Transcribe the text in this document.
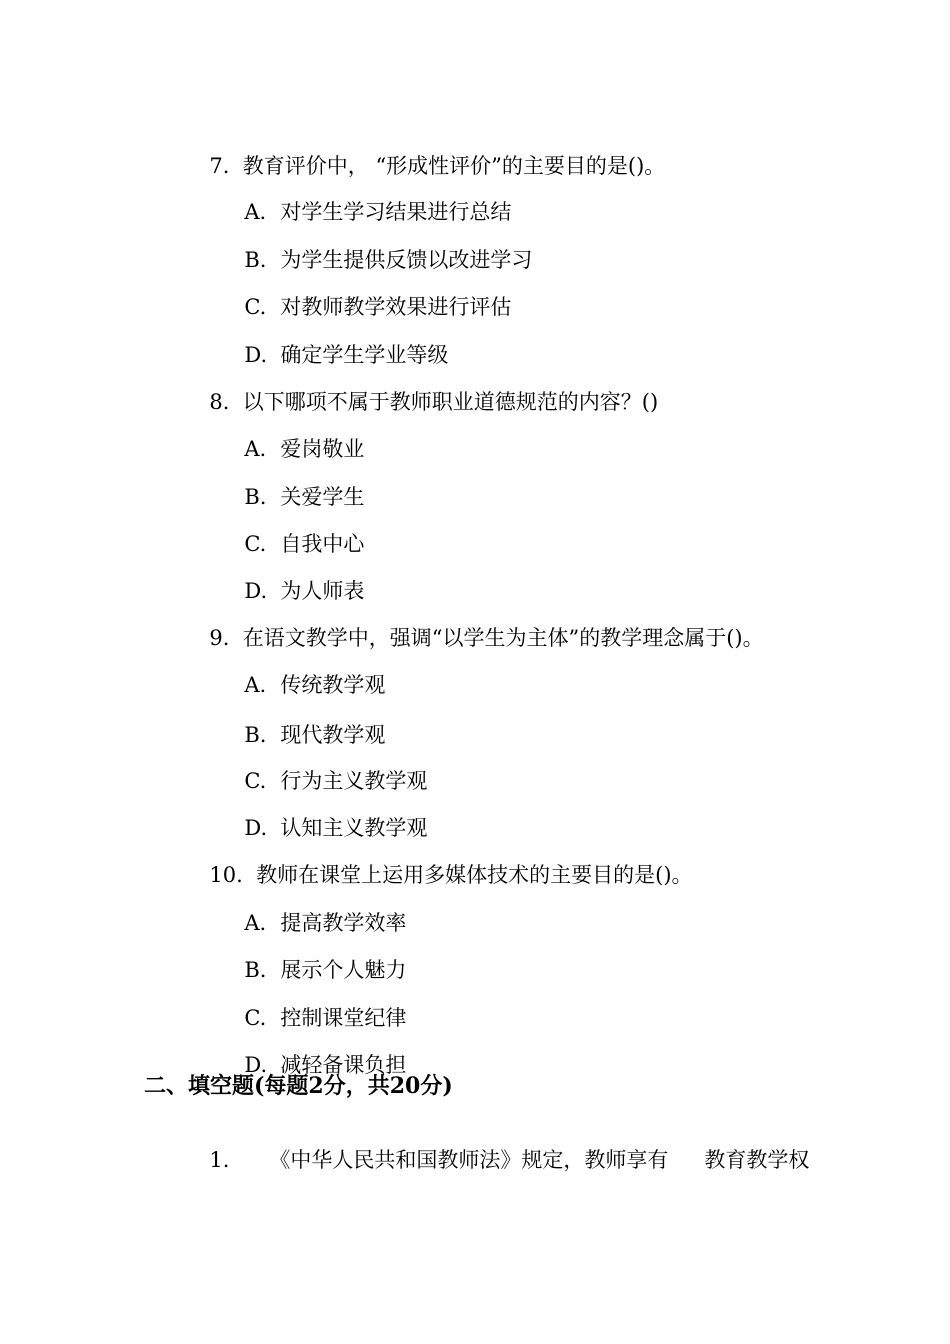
7. 教育评价中， “形成性评价”的主要目的是()。

A. 对学生学习结果进行总结

B. 为学生提供反馈以改进学习

C. 对教师教学效果进行评估

D. 确定学生学业等级

8. 以下哪项不属于教师职业道德规范的内容？()

A. 爱岗敬业

B. 关爱学生

C. 自我中心

D. 为人师表

9. 在语文教学中，强调“以学生为主体”的教学理念属于()。

A. 传统教学观

B. 现代教学观

C. 行为主义教学观

D. 认知主义教学观

10. 教师在课堂上运用多媒体技术的主要目的是()。

A. 提高教学效率

B. 展示个人魅力

C. 控制课堂纪律

D. 减轻备课负担

二、填空题(每题2分，共20分)

1. 《中华人民共和国教师法》规定，教师享有 教育教学权
